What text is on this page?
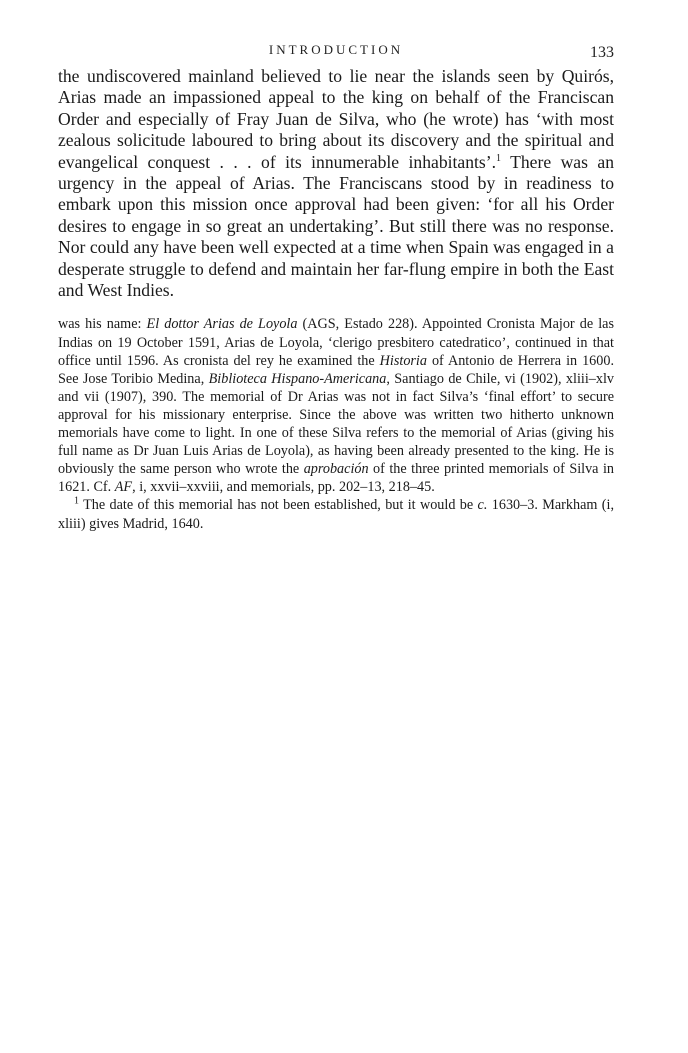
INTRODUCTION	133

the undiscovered mainland believed to lie near the islands seen by Quirós, Arias made an impassioned appeal to the king on behalf of the Franciscan Order and especially of Fray Juan de Silva, who (he wrote) has ‘with most zealous solicitude laboured to bring about its discovery and the spiritual and evangelical conquest . . . of its innumerable inhabitants’.$^1$ There was an urgency in the appeal of Arias. The Franciscans stood by in readiness to embark upon this mission once approval had been given: ‘for all his Order desires to engage in so great an undertaking’. But still there was no response. Nor could any have been well expected at a time when Spain was engaged in a desperate struggle to defend and maintain her far-flung empire in both the East and West Indies.

was his name: El dottor Arias de Loyola (AGS, Estado 228). Appointed Cronista Major de las Indias on 19 October 1591, Arias de Loyola, ‘clerigo presbitero catedratico’, continued in that office until 1596. As cronista del rey he examined the Historia of Antonio de Herrera in 1600. See Jose Toribio Medina, Biblioteca Hispano-Americana, Santiago de Chile, vi (1902), xliii–xlv and vii (1907), 390. The memorial of Dr Arias was not in fact Silva’s ‘final effort’ to secure approval for his missionary enterprise. Since the above was written two hitherto unknown memorials have come to light. In one of these Silva refers to the memorial of Arias (giving his full name as Dr Juan Luis Arias de Loyola), as having been already presented to the king. He is obviously the same person who wrote the aprobación of the three printed memorials of Silva in 1621. Cf. AF, i, xxvii–xxviii, and memorials, pp. 202–13, 218–45.

$^1$ The date of this memorial has not been established, but it would be c. 1630–3. Markham (i, xliii) gives Madrid, 1640.
